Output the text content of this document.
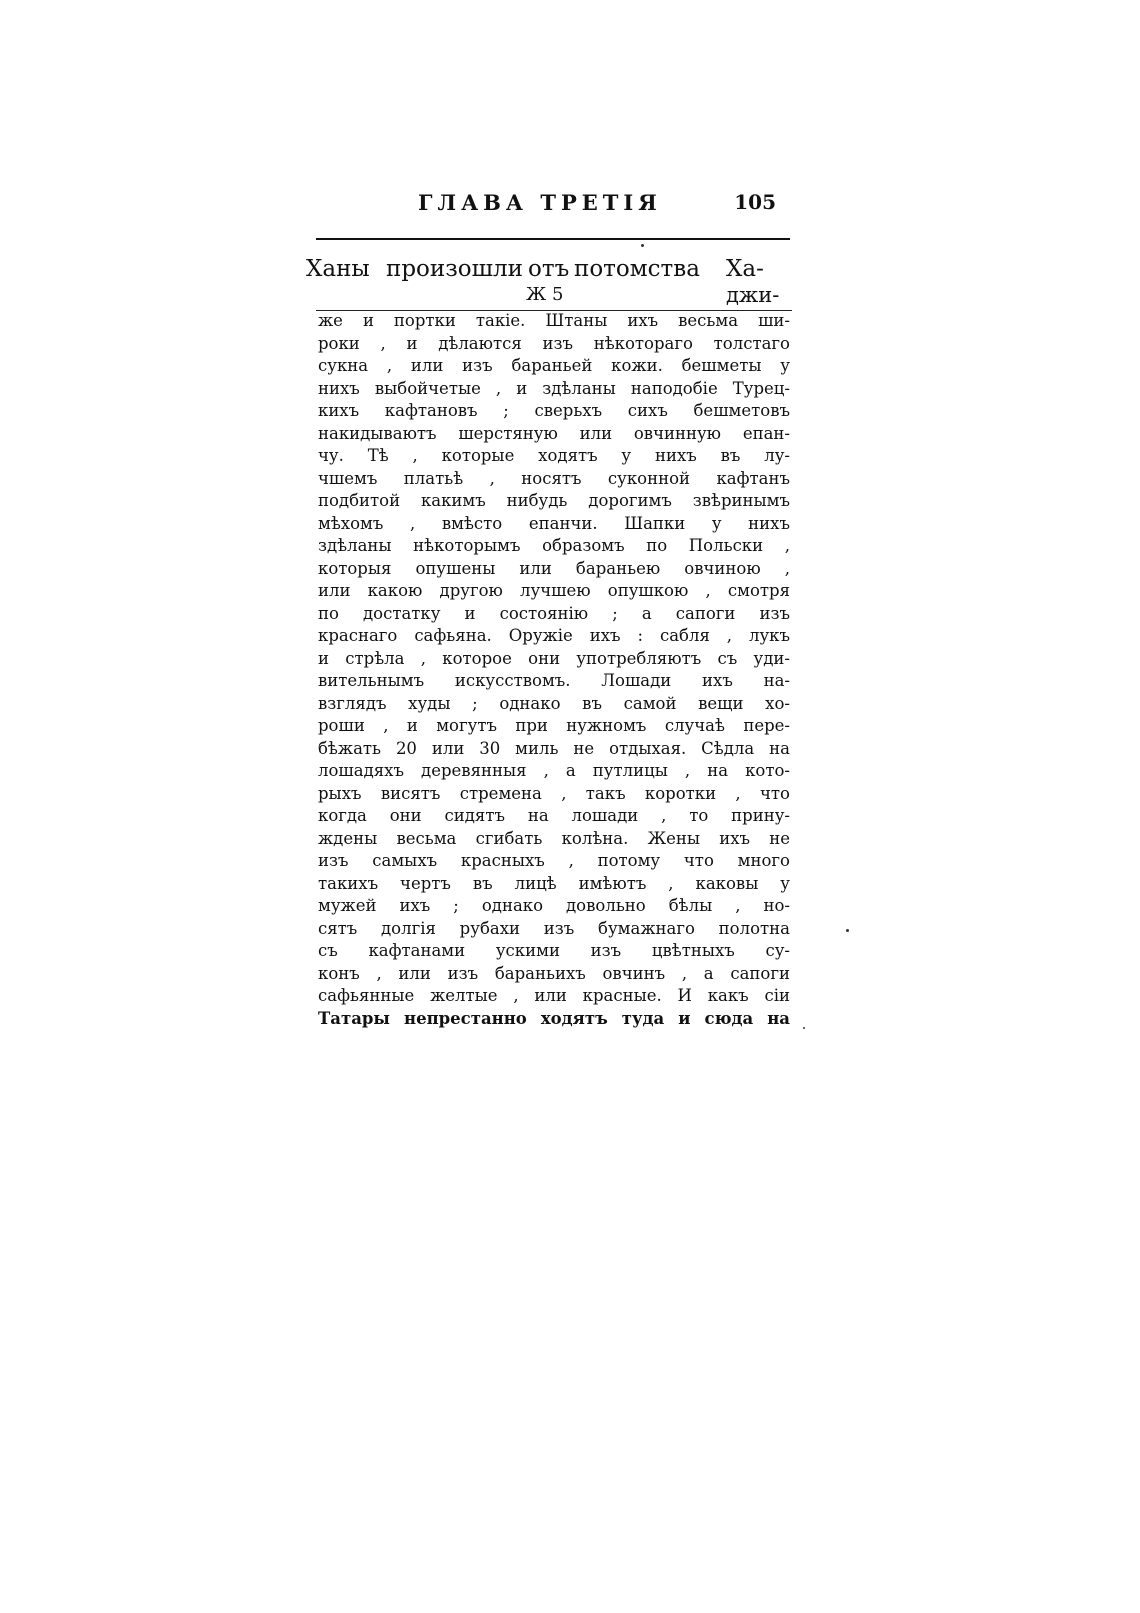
ГЛАВА ТРЕТІЯ	105
Ханы произошли отъ потомства Ха-
Ж 5	джи-
же и портки такіе. Штаны ихъ весьма ши-
роки , и дѣлаются изъ нѣкотораго толстаго
сукна , или изъ бараньей кожи. бешметы у
нихъ выбойчетые , и здѣланы наподобіе Турец-
кихъ кафтановъ ; сверьхъ сихъ бешметовъ
накидываютъ шерстяную или овчинную епан-
чу. Тѣ , которые ходятъ у нихъ въ лу-
чшемъ платьѣ , носятъ суконной кафтанъ
подбитой какимъ нибудь дорогимъ звѣринымъ
мѣхомъ , вмѣсто епанчи. Шапки у нихъ
здѣланы нѣкоторымъ образомъ по Польски ,
которыя опушены или бараньею овчиною ,
или какою другою лучшею опушкою , смотря
по достатку и состоянію ; а сапоги изъ
краснаго сафьяна. Оружіе ихъ : сабля , лукъ
и стрѣла , которое они употребляютъ съ уди-
вительнымъ искусствомъ. Лошади ихъ на-
взглядъ худы ; однако въ самой вещи хо-
роши , и могутъ при нужномъ случаѣ пере-
бѣжать 20 или 30 миль не отдыхая. Сѣдла на
лошадяхъ деревянныя , а путлицы , на кото-
рыхъ висятъ стремена , такъ коротки , что
когда они сидятъ на лошади , то прину-
ждены весьма сгибать колѣна. Жены ихъ не
изъ самыхъ красныхъ , потому что много
такихъ чертъ въ лицѣ имѣютъ , каковы у
мужей ихъ ; однако довольно бѣлы , но-
сятъ долгія рубахи изъ бумажнаго полотна
съ кафтанами ускими изъ цвѣтныхъ су-
конъ , или изъ бараньихъ овчинъ , а сапоги
сафьянные желтые , или красные. И какъ сіи
Татары непрестанно ходятъ туда и сюда на
